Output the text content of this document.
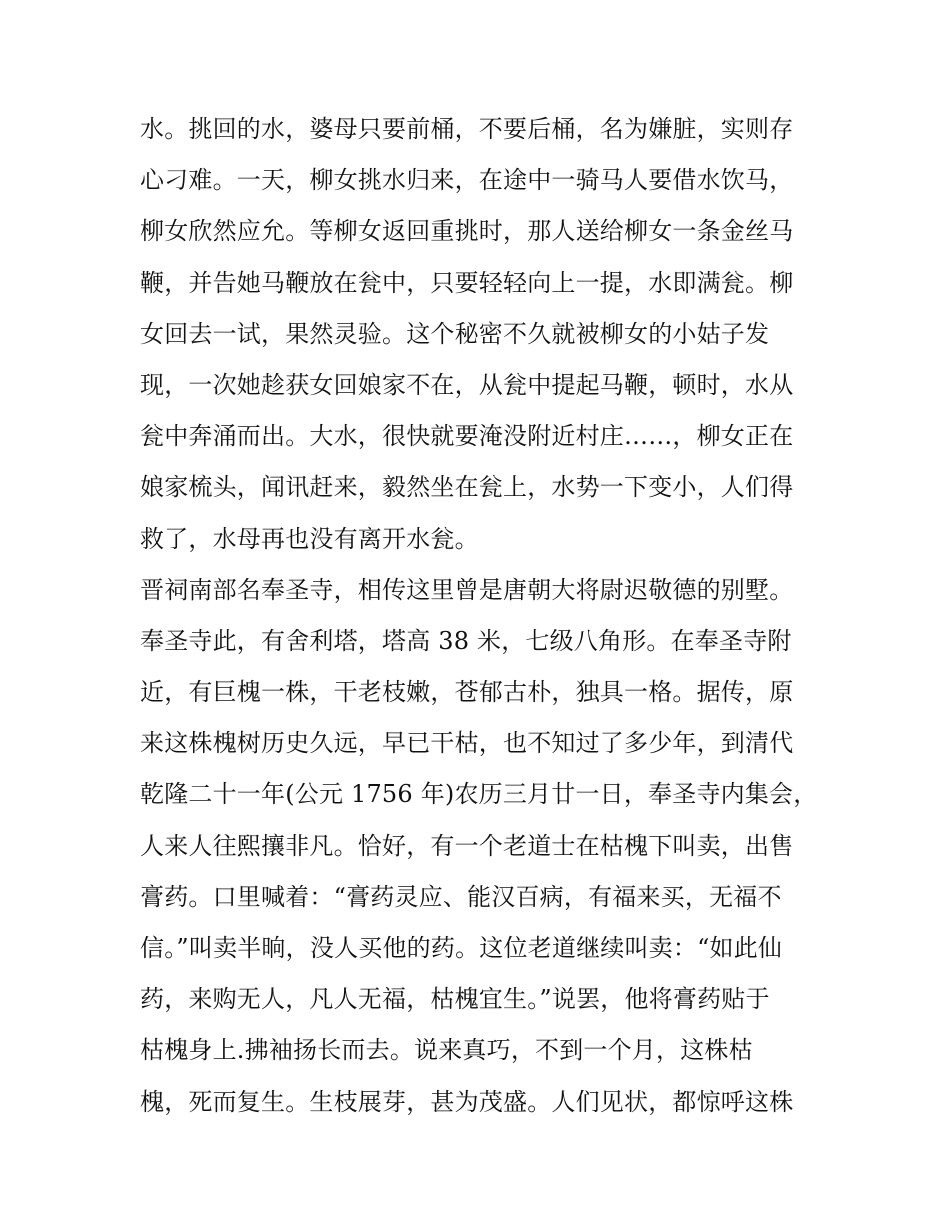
水。挑回的水，婆母只要前桶，不要后桶，名为嫌脏，实则存
心刁难。一天，柳女挑水归来，在途中一骑马人要借水饮马，
柳女欣然应允。等柳女返回重挑时，那人送给柳女一条金丝马
鞭，并告她马鞭放在瓮中，只要轻轻向上一提，水即满瓮。柳
女回去一试，果然灵验。这个秘密不久就被柳女的小姑子发
现，一次她趁获女回娘家不在，从瓮中提起马鞭，顿时，水从
瓮中奔涌而出。大水，很快就要淹没附近村庄……，柳女正在
娘家梳头，闻讯赶来，毅然坐在瓮上，水势一下变小，人们得
救了，水母再也没有离开水瓮。
晋祠南部名奉圣寺，相传这里曾是唐朝大将尉迟敬德的别墅。
奉圣寺此，有舍利塔，塔高 38 米，七级八角形。在奉圣寺附
近，有巨槐一株，干老枝嫩，苍郁古朴，独具一格。据传，原
来这株槐树历史久远，早已干枯，也不知过了多少年，到清代
乾隆二十一年(公元 1756 年)农历三月廿一日，奉圣寺内集会，
人来人往熙攘非凡。恰好，有一个老道士在枯槐下叫卖，出售
膏药。口里喊着：“膏药灵应、能汉百病，有福来买，无福不
信。”叫卖半晌，没人买他的药。这位老道继续叫卖：“如此仙
药，来购无人，凡人无福，枯槐宜生。”说罢，他将膏药贴于
枯槐身上.拂袖扬长而去。说来真巧，不到一个月，这株枯
槐，死而复生。生枝展芽，甚为茂盛。人们见状，都惊呼这株
